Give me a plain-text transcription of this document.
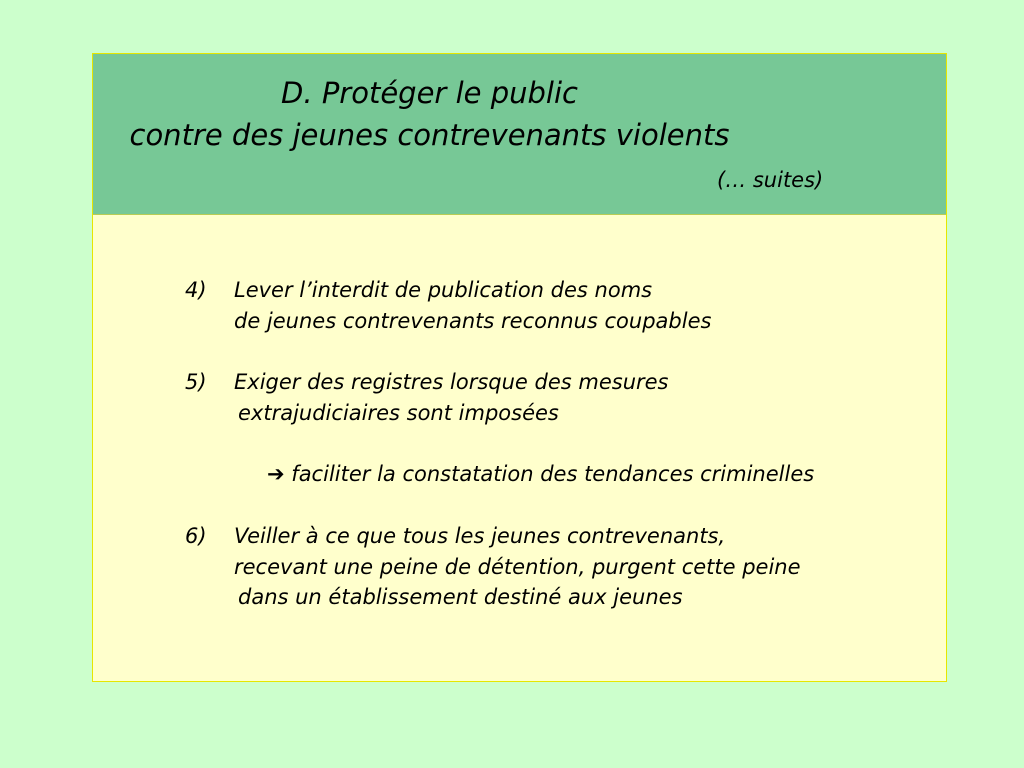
D. Protéger le public
contre des jeunes contrevenants violents
(… suites)
4) Lever l’interdit de publication des noms
de jeunes contrevenants reconnus coupables
5) Exiger des registres lorsque des mesures
extrajudiciaires sont imposées
➔ faciliter la constatation des tendances criminelles
6) Veiller à ce que tous les jeunes contrevenants,
recevant une peine de détention, purgent cette peine
dans un établissement destiné aux jeunes
